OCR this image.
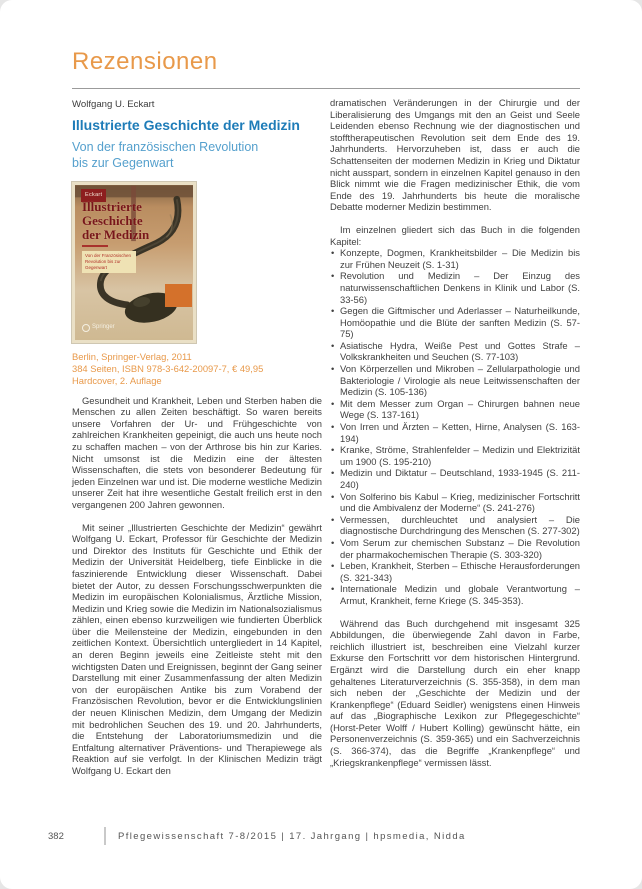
Rezensionen
Wolfgang U. Eckart
Illustrierte Geschichte der Medizin
Von der französischen Revolution
bis zur Gegenwart
Eckart
Illustrierte
Geschichte
der Medizin
Von der Französischen Revolution bis zur Gegenwart
Springer
Berlin, Springer-Verlag, 2011
384 Seiten, ISBN 978-3-642-20097-7, € 49,95
Hardcover, 2. Auflage

Gesundheit und Krankheit, Leben und Sterben haben die Menschen zu allen Zeiten beschäftigt. So waren bereits unsere Vorfahren der Ur- und Frühgeschichte von zahlreichen Krankheiten gepeinigt, die auch uns heute noch zu schaffen machen – von der Arthrose bis hin zur Karies. Nicht umsonst ist die Medizin eine der ältesten Wissenschaften, die stets von besonderer Bedeutung für jeden Einzelnen war und ist. Die moderne westliche Medizin unserer Zeit hat ihre wesentliche Gestalt freilich erst in den vergangenen 200 Jahren gewonnen.

Mit seiner „Illustrierten Geschichte der Medizin“ gewährt Wolfgang U. Eckart, Professor für Geschichte der Medizin und Direktor des Instituts für Geschichte und Ethik der Medizin der Universität Heidelberg, tiefe Einblicke in die faszinierende Entwicklung dieser Wissenschaft. Dabei bietet der Autor, zu dessen Forschungsschwerpunkten die Medizin im europäischen Kolonialismus, Ärztliche Mission, Medizin und Krieg sowie die Medizin im Nationalsozialismus zählen, einen ebenso kurzweiligen wie fundierten Überblick über die Meilensteine der Medizin, eingebunden in den zeitlichen Kontext. Übersichtlich untergliedert in 14 Kapitel, an deren Beginn jeweils eine Zeitleiste steht mit den wichtigsten Daten und Ereignissen, beginnt der Gang seiner Darstellung mit einer Zusammenfassung der alten Medizin von der europäischen Antike bis zum Vorabend der Französischen Revolution, bevor er die Entwicklungslinien der neuen Klinischen Medizin, dem Umgang der Medizin mit bedrohlichen Seuchen des 19. und 20. Jahrhunderts, die Entstehung der Laboratoriumsmedizin und die Entfaltung alternativer Präventions- und Therapiewege als Reaktion auf sie verfolgt. In der Klinischen Medizin trägt Wolfgang U. Eckart den

dramatischen Veränderungen in der Chirurgie und der Liberalisierung des Umgangs mit den an Geist und Seele Leidenden ebenso Rechnung wie der diagnostischen und stofftherapeutischen Revolution seit dem Ende des 19. Jahrhunderts. Hervorzuheben ist, dass er auch die Schattenseiten der modernen Medizin in Krieg und Diktatur nicht ausspart, sondern in einzelnen Kapitel genauso in den Blick nimmt wie die Fragen medizinischer Ethik, die vom Ende des 19. Jahrhunderts bis heute die moralische Debatte moderner Medizin bestimmen.

Im einzelnen gliedert sich das Buch in die folgenden Kapitel:

• Konzepte, Dogmen, Krankheitsbilder – Die Medizin bis zur Frühen Neuzeit (S. 1-31)
• Revolution und Medizin – Der Einzug des naturwissenschaftlichen Denkens in Klinik und Labor (S. 33-56)
• Gegen die Giftmischer und Aderlasser – Naturheilkunde, Homöopathie und die Blüte der sanften Medizin (S. 57-75)
• Asiatische Hydra, Weiße Pest und Gottes Strafe – Volkskrankheiten und Seuchen (S. 77-103)
• Von Körperzellen und Mikroben – Zellularpathologie und Bakteriologie / Virologie als neue Leitwissenschaften der Medizin (S. 105-136)
• Mit dem Messer zum Organ – Chirurgen bahnen neue Wege (S. 137-161)
• Von Irren und Ärzten – Ketten, Hirne, Analysen (S. 163-194)
• Kranke, Ströme, Strahlenfelder – Medizin und Elektrizität um 1900 (S. 195-210)
• Medizin und Diktatur – Deutschland, 1933-1945 (S. 211-240)
• Von Solferino bis Kabul – Krieg, medizinischer Fortschritt und die Ambivalenz der Moderne“ (S. 241-276)
• Vermessen, durchleuchtet und analysiert – Die diagnostische Durchdringung des Menschen (S. 277-302)
• Vom Serum zur chemischen Substanz – Die Revolution der pharmakochemischen Therapie (S. 303-320)
• Leben, Krankheit, Sterben – Ethische Herausforderungen (S. 321-343)
• Internationale Medizin und globale Verantwortung – Armut, Krankheit, ferne Kriege (S. 345-353).

Während das Buch durchgehend mit insgesamt 325 Abbildungen, die überwiegende Zahl davon in Farbe, reichlich illustriert ist, beschreiben eine Vielzahl kurzer Exkurse den Fortschritt vor dem historischen Hintergrund. Ergänzt wird die Darstellung durch ein eher knapp gehaltenes Literaturverzeichnis (S. 355-358), in dem man sich neben der „Geschichte der Medizin und der Krankenpflege“ (Eduard Seidler) wenigstens einen Hinweis auf das „Biographische Lexikon zur Pflegegeschichte“ (Horst-Peter Wolff / Hubert Kolling) gewünscht hätte, ein Personenverzeichnis (S. 359-365) und ein Sachverzeichnis (S. 366-374), das die Begriffe „Krankenpflege“ und „Kriegskrankenpflege“ vermissen lässt.

382	Pflegewissenschaft 7-8/2015 | 17. Jahrgang | hpsmedia, Nidda
